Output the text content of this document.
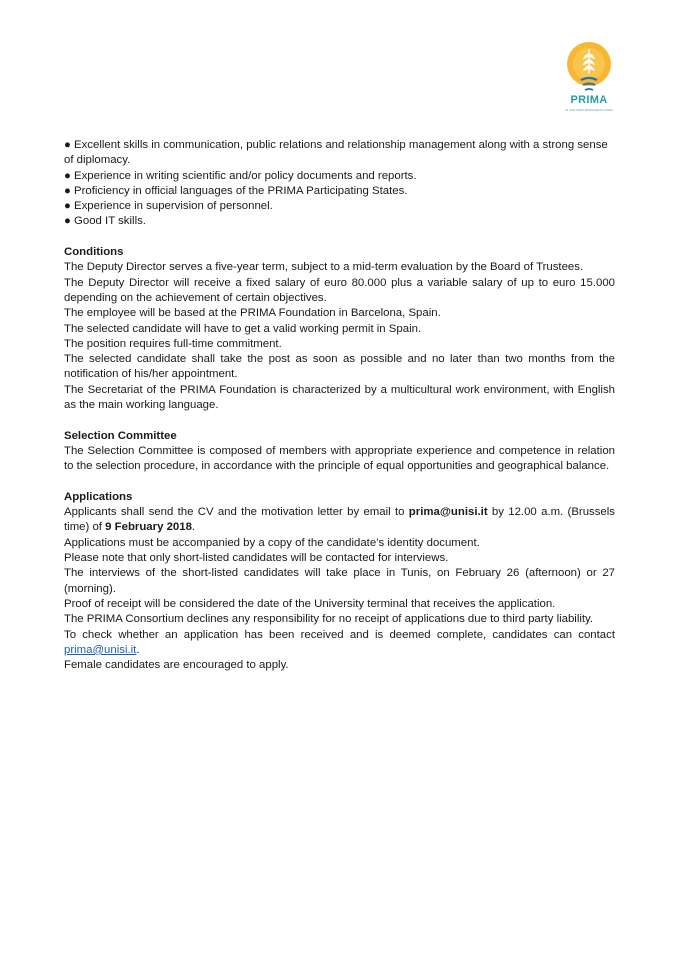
PRIMA
IN THE MEDITERRANEAN AREA

● Excellent skills in communication, public relations and relationship management along with a strong sense of diplomacy.

● Experience in writing scientific and/or policy documents and reports.

● Proficiency in official languages of the PRIMA Participating States.

● Experience in supervision of personnel.

● Good IT skills.

Conditions

The Deputy Director serves a five-year term, subject to a mid-term evaluation by the Board of Trustees.

The Deputy Director will receive a fixed salary of euro 80.000 plus a variable salary of up to euro 15.000 depending on the achievement of certain objectives.

The employee will be based at the PRIMA Foundation in Barcelona, Spain.

The selected candidate will have to get a valid working permit in Spain.

The position requires full-time commitment.

The selected candidate shall take the post as soon as possible and no later than two months from the notification of his/her appointment.

The Secretariat of the PRIMA Foundation is characterized by a multicultural work environment, with English as the main working language.

Selection Committee

The Selection Committee is composed of members with appropriate experience and competence in relation to the selection procedure, in accordance with the principle of equal opportunities and geographical balance.

Applications

Applicants shall send the CV and the motivation letter by email to prima@unisi.it by 12.00 a.m. (Brussels time) of 9 February 2018.

Applications must be accompanied by a copy of the candidate’s identity document.

Please note that only short-listed candidates will be contacted for interviews.

The interviews of the short-listed candidates will take place in Tunis, on February 26 (afternoon) or 27 (morning).

Proof of receipt will be considered the date of the University terminal that receives the application.

The PRIMA Consortium declines any responsibility for no receipt of applications due to third party liability.

To check whether an application has been received and is deemed complete, candidates can contact prima@unisi.it.

Female candidates are encouraged to apply.
